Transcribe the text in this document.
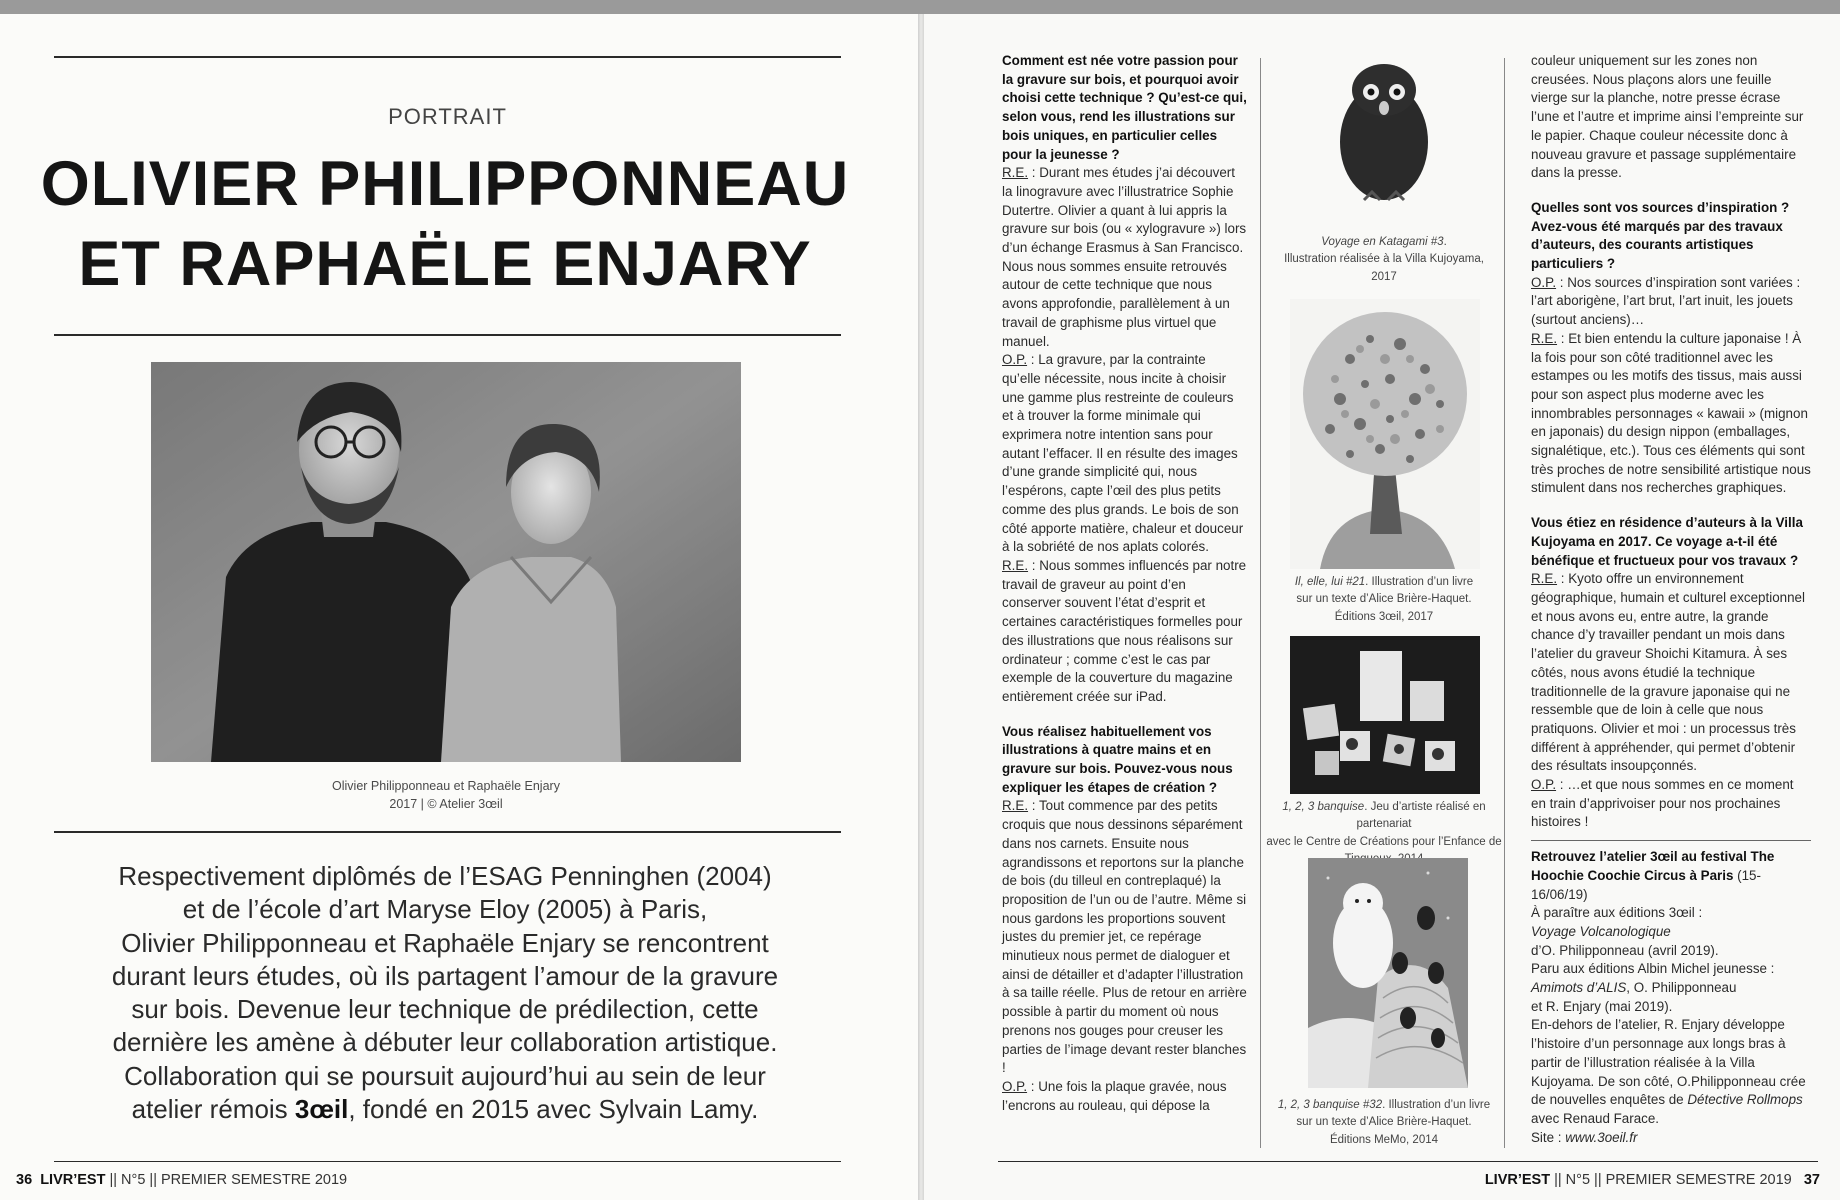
PORTRAIT
OLIVIER PHILIPPONNEAU
ET RAPHAËLE ENJARY
Olivier Philipponneau et Raphaële Enjary
2017 | © Atelier 3œil
Respectivement diplômés de l’ESAG Penninghen (2004)
et de l’école d’art Maryse Eloy (2005) à Paris,
Olivier Philipponneau et Raphaële Enjary se rencontrent
durant leurs études, où ils partagent l’amour de la gravure
sur bois. Devenue leur technique de prédilection, cette
dernière les amène à débuter leur collaboration artistique.
Collaboration qui se poursuit aujourd’hui au sein de leur
atelier rémois 3œil, fondé en 2015 avec Sylvain Lamy.
36 LIVR’EST || N°5 || PREMIER SEMESTRE 2019

Comment est née votre passion pour la gravure sur bois, et pourquoi avoir choisi cette technique ? Qu’est-ce qui, selon vous, rend les illustrations sur bois uniques, en particulier celles pour la jeunesse ?

R.E. : Durant mes études j’ai découvert la linogravure avec l’illustratrice Sophie Dutertre. Olivier a quant à lui appris la gravure sur bois (ou « xylogravure ») lors d’un échange Erasmus à San Francisco. Nous nous sommes ensuite retrouvés autour de cette technique que nous avons approfondie, parallèlement à un travail de graphisme plus virtuel que manuel.

O.P. : La gravure, par la contrainte qu’elle nécessite, nous incite à choisir une gamme plus restreinte de couleurs et à trouver la forme minimale qui exprimera notre intention sans pour autant l’effacer. Il en résulte des images d’une grande simplicité qui, nous l’espérons, capte l’œil des plus petits comme des plus grands. Le bois de son côté apporte matière, chaleur et douceur à la sobriété de nos aplats colorés.

R.E. : Nous sommes influencés par notre travail de graveur au point d’en conserver souvent l’état d’esprit et certaines caractéristiques formelles pour des illustrations que nous réalisons sur ordinateur ; comme c’est le cas par exemple de la couverture du magazine entièrement créée sur iPad.

Vous réalisez habituellement vos illustrations à quatre mains et en gravure sur bois. Pouvez-vous nous expliquer les étapes de création ?

R.E. : Tout commence par des petits croquis que nous dessinons séparément dans nos carnets. Ensuite nous agrandissons et reportons sur la planche de bois (du tilleul en contreplaqué) la proposition de l’un ou de l’autre. Même si nous gardons les proportions souvent justes du premier jet, ce repérage minutieux nous permet de dialoguer et ainsi de détailler et d’adapter l’illustration à sa taille réelle. Plus de retour en arrière possible à partir du moment où nous prenons nos gouges pour creuser les parties de l’image devant rester blanches !

O.P. : Une fois la plaque gravée, nous l’encrons au rouleau, qui dépose la

Voyage en Katagami #3.
Illustration réalisée à la Villa Kujoyama,
2017
Il, elle, lui #21. Illustration d’un livre
sur un texte d’Alice Brière-Haquet.
Éditions 3œil, 2017
1, 2, 3 banquise. Jeu d’artiste réalisé en partenariat
avec le Centre de Créations pour l’Enfance de
1, 2, 3 banquise #32. Illustration d’un livre
sur un texte d’Alice Brière-Haquet.
Éditions MeMo, 2014

couleur uniquement sur les zones non creusées. Nous plaçons alors une feuille vierge sur la planche, notre presse écrase l’une et l’autre et imprime ainsi l’empreinte sur le papier. Chaque couleur nécessite donc à nouveau gravure et passage supplémentaire dans la presse.

Quelles sont vos sources d’inspiration ? Avez-vous été marqués par des travaux d’auteurs, des courants artistiques particuliers ?

O.P. : Nos sources d’inspiration sont variées : l’art aborigène, l’art brut, l’art inuit, les jouets (surtout anciens)…

R.E. : Et bien entendu la culture japonaise ! À la fois pour son côté traditionnel avec les estampes ou les motifs des tissus, mais aussi pour son aspect plus moderne avec les innombrables personnages « kawaii » (mignon en japonais) du design nippon (emballages, signalétique, etc.). Tous ces éléments qui sont très proches de notre sensibilité artistique nous stimulent dans nos recherches graphiques.

Vous étiez en résidence d’auteurs à la Villa Kujoyama en 2017. Ce voyage a-t-il été bénéfique et fructueux pour vos travaux ?

R.E. : Kyoto offre un environnement géographique, humain et culturel exceptionnel et nous avons eu, entre autre, la grande chance d’y travailler pendant un mois dans l’atelier du graveur Shoichi Kitamura. À ses côtés, nous avons étudié la technique traditionnelle de la gravure japonaise qui ne ressemble que de loin à celle que nous pratiquons. Olivier et moi : un processus très différent à appréhender, qui permet d’obtenir des résultats insoupçonnés.

O.P. : …et que nous sommes en ce moment en train d’apprivoiser pour nos prochaines histoires !

Retrouvez l’atelier 3œil au festival The Hoochie Coochie Circus à Paris (15-16/06/19)

À paraître aux éditions 3œil :

Voyage Volcanologique

d’O. Philipponneau (avril 2019).

Paru aux éditions Albin Michel jeunesse :

Amimots d’ALIS, O. Philipponneau

et R. Enjary (mai 2019).

En-dehors de l’atelier, R. Enjary développe l’histoire d’un personnage aux longs bras à partir de l’illustration réalisée à la Villa Kujoyama. De son côté, O.Philipponneau crée de nouvelles enquêtes de Détective Rollmops avec Renaud Farace.

Site : www.3oeil.fr

LIVR’EST || N°5 || PREMIER SEMESTRE 2019 37
